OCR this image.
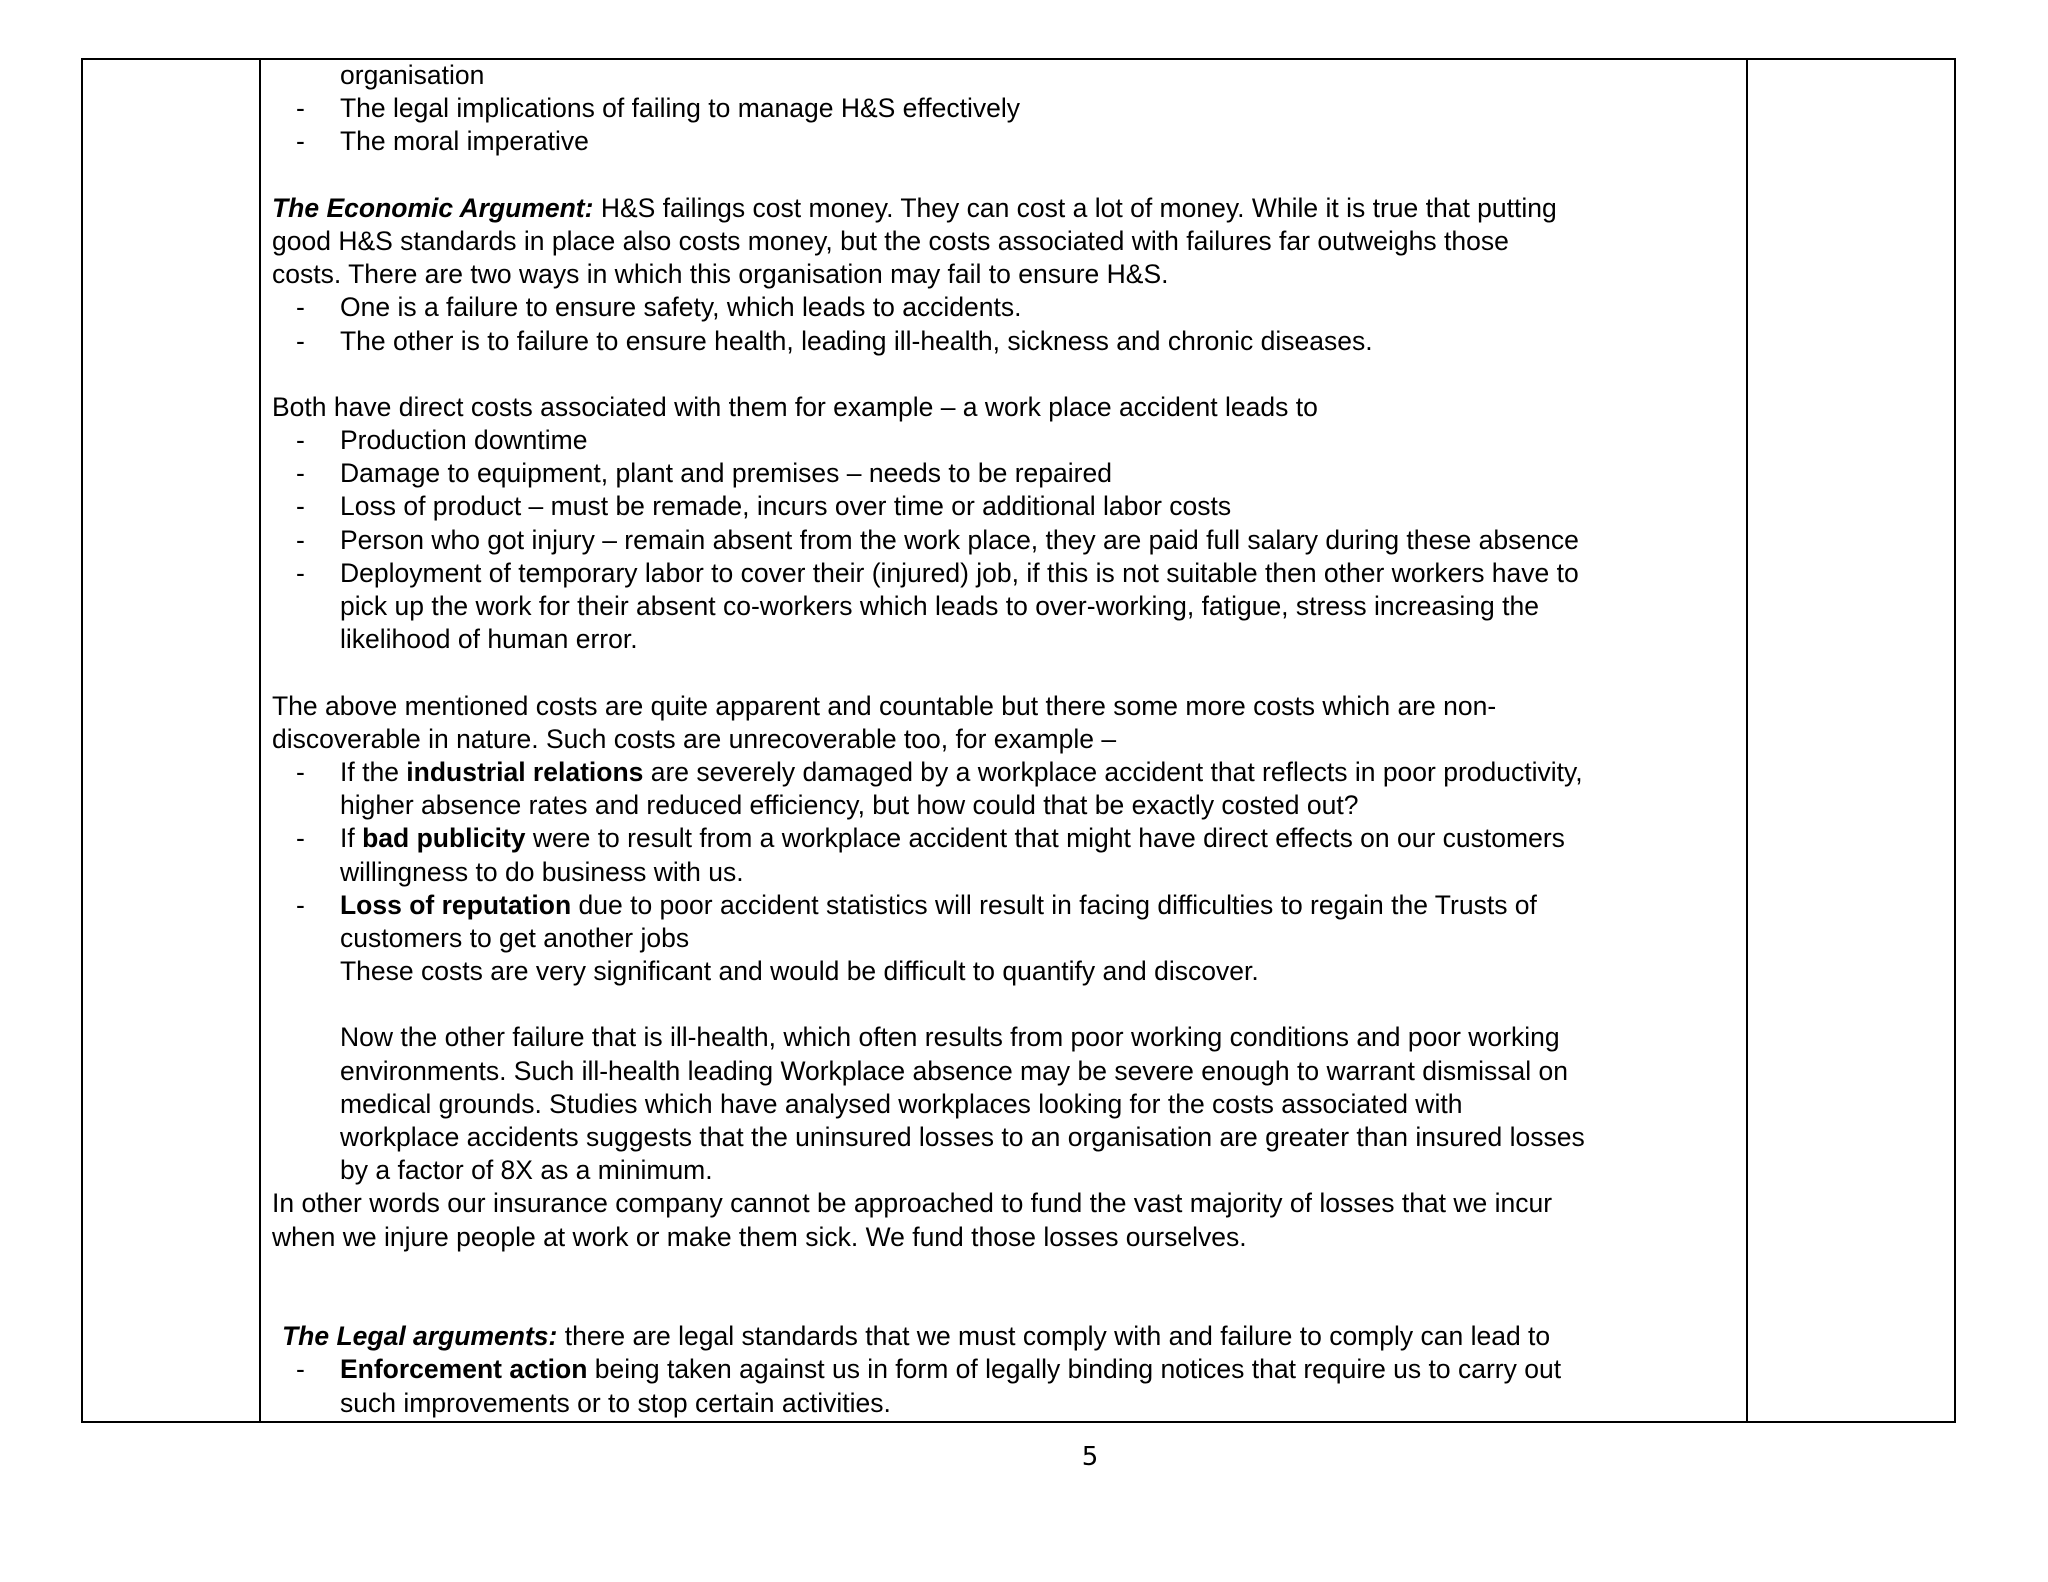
organisation
- The legal implications of failing to manage H&S effectively
- The moral imperative
The Economic Argument: H&S failings cost money. They can cost a lot of money. While it is true that putting
good H&S standards in place also costs money, but the costs associated with failures far outweighs those
costs. There are two ways in which this organisation may fail to ensure H&S.
- One is a failure to ensure safety, which leads to accidents.
- The other is to failure to ensure health, leading ill-health, sickness and chronic diseases.
Both have direct costs associated with them for example – a work place accident leads to
- Production downtime
- Damage to equipment, plant and premises – needs to be repaired
- Loss of product – must be remade, incurs over time or additional labor costs
- Person who got injury – remain absent from the work place, they are paid full salary during these absence
- Deployment of temporary labor to cover their (injured) job, if this is not suitable then other workers have to
pick up the work for their absent co-workers which leads to over-working, fatigue, stress increasing the
likelihood of human error.
The above mentioned costs are quite apparent and countable but there some more costs which are non-
discoverable in nature. Such costs are unrecoverable too, for example –
- If the industrial relations are severely damaged by a workplace accident that reflects in poor productivity,
higher absence rates and reduced efficiency, but how could that be exactly costed out?
- If bad publicity were to result from a workplace accident that might have direct effects on our customers
willingness to do business with us.
- Loss of reputation due to poor accident statistics will result in facing difficulties to regain the Trusts of
customers to get another jobs
These costs are very significant and would be difficult to quantify and discover.
Now the other failure that is ill-health, which often results from poor working conditions and poor working
environments. Such ill-health leading Workplace absence may be severe enough to warrant dismissal on
medical grounds. Studies which have analysed workplaces looking for the costs associated with
workplace accidents suggests that the uninsured losses to an organisation are greater than insured losses
by a factor of 8X as a minimum.
In other words our insurance company cannot be approached to fund the vast majority of losses that we incur
when we injure people at work or make them sick. We fund those losses ourselves.
The Legal arguments: there are legal standards that we must comply with and failure to comply can lead to
- Enforcement action being taken against us in form of legally binding notices that require us to carry out
such improvements or to stop certain activities.
5
